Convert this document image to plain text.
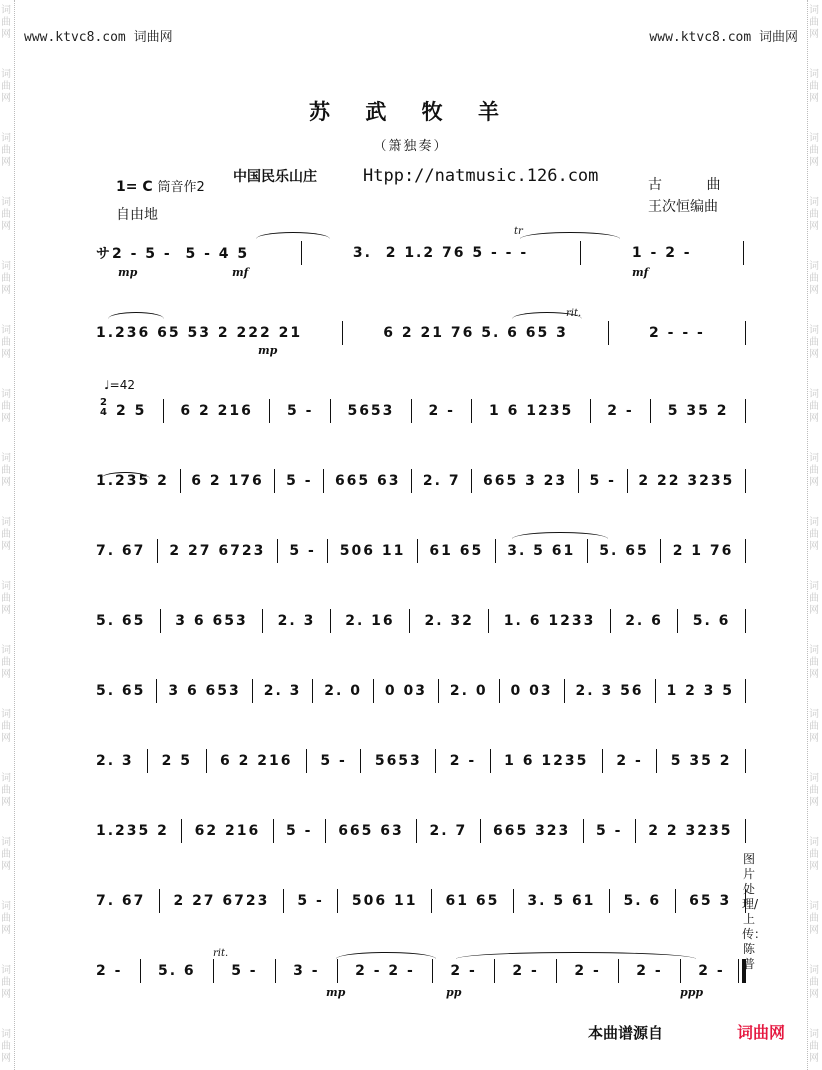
词
曲
网
词
曲
网
词
曲
网
词
曲
网
词
曲
网
词
曲
网
词
曲
网
词
曲
网
词
曲
网
词
曲
网
词
曲
网
词
曲
网
词
曲
网
词
曲
网
词
曲
网
词
曲
网
词
曲
网
词
曲
网
词
曲
网
词
曲
网
词
曲
网
词
曲
网
词
曲
网
词
曲
网
词
曲
网
词
曲
网
词
曲
网
词
曲
网
词
曲
网
词
曲
网
词
曲
网
词
曲
网
词
曲
网
词
曲
网
www.ktvc8.com 词曲网	www.ktvc8.com 词曲网
苏 武 牧 羊
（箫独奏）
1= C 筒音作2
中国民乐山庄	Htpp://natmusic.126.com	古 曲
王次恒编曲
自由地
♩=42
2
4
サ2 - 5 -  5 - 4 5	3.  2 1.2 76 5 - - -	1 - 2 -
1.236 65 53 2 222 21	6 2 21 76 5. 6 65 3	2 - - -
2 5 6 2 216 5 - 5653 2 - 1 6 1235 2 - 5 35 2
1.235 2 6 2 176 5 - 665 63 2. 7 665 3 23 5 - 2 22 3235
7. 67 2 27 6723 5 - 506 11 61 65 3. 5 61 5. 65 2 1 76
5. 65 3 6 653 2. 3 2. 16 2. 32 1. 6 1233 2. 6 5. 6
5. 65 3 6 653 2. 3 2. 0 0 03 2. 0 0 03 2. 3 56 1 2 3 5
2. 3 2 5 6 2 216 5 - 5653 2 - 1 6 1235 2 - 5 35 2
1.235 2 62 216 5 - 665 63 2. 7 665 323 5 - 2 2 3235
7. 67 2 27 6723 5 - 506 11 61 65 3. 5 61 5. 6 65 3
2 -	5. 6	5 -	3 -	2 - 2 -	2 -	2 -	2 -	2 -	2 -
mp	mf	mf
mp
mp	pp	ppp
tr
rit.
rit.
图片处理/上传：陈普
本曲谱源自	词曲网
